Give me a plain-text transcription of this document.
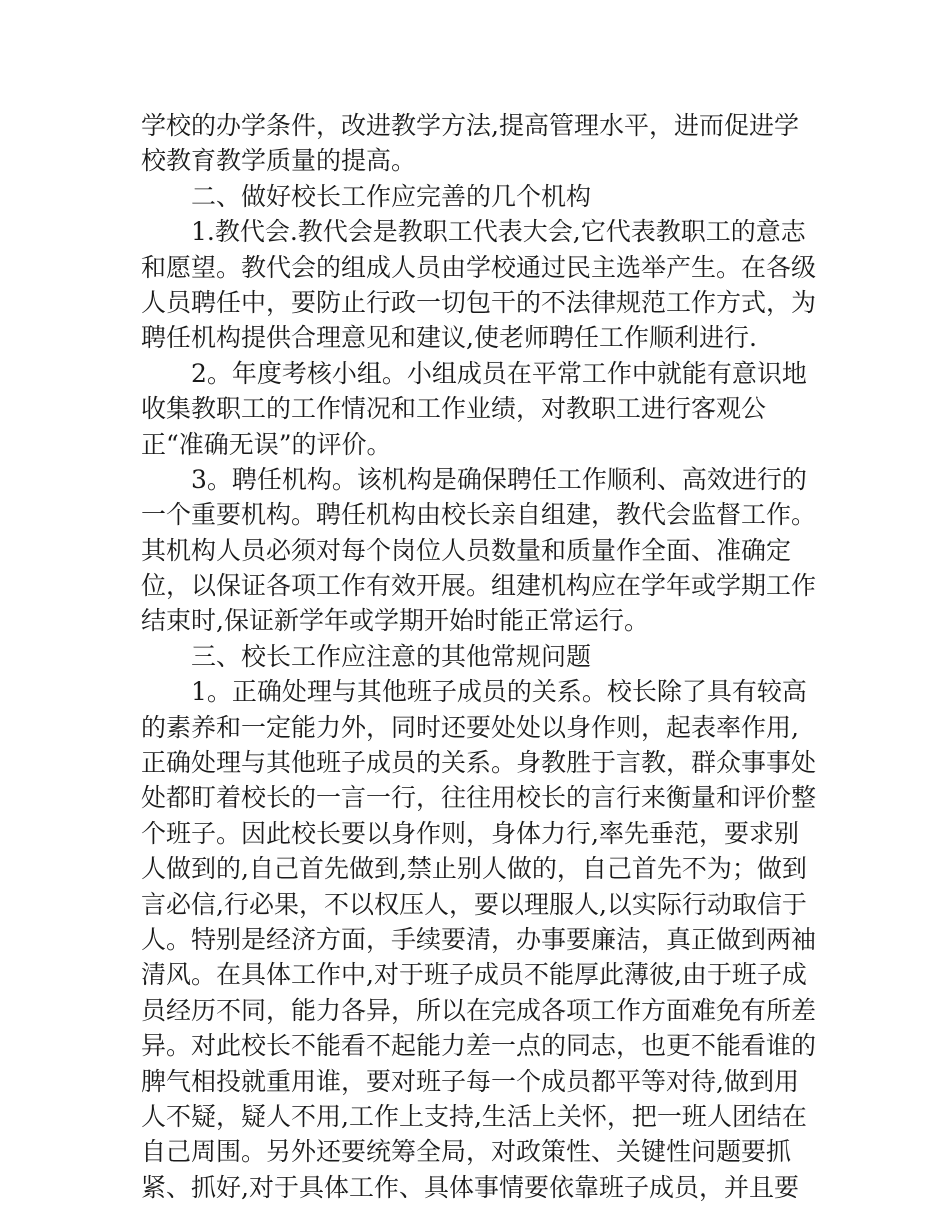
学校的办学条件，改进教学方法,提高管理水平，进而促进学
校教育教学质量的提高。
二、做好校长工作应完善的几个机构
1.教代会.教代会是教职工代表大会,它代表教职工的意志
和愿望。教代会的组成人员由学校通过民主选举产生。在各级
人员聘任中，要防止行政一切包干的不法律规范工作方式，为
聘任机构提供合理意见和建议,使老师聘任工作顺利进行.
2。年度考核小组。小组成员在平常工作中就能有意识地
收集教职工的工作情况和工作业绩，对教职工进行客观公
正“准确无误”的评价。
3。聘任机构。该机构是确保聘任工作顺利、高效进行的
一个重要机构。聘任机构由校长亲自组建，教代会监督工作。
其机构人员必须对每个岗位人员数量和质量作全面、准确定
位，以保证各项工作有效开展。组建机构应在学年或学期工作
结束时,保证新学年或学期开始时能正常运行。
三、校长工作应注意的其他常规问题
1。正确处理与其他班子成员的关系。校长除了具有较高
的素养和一定能力外，同时还要处处以身作则，起表率作用,
正确处理与其他班子成员的关系。身教胜于言教，群众事事处
处都盯着校长的一言一行，往往用校长的言行来衡量和评价整
个班子。因此校长要以身作则，身体力行,率先垂范，要求别
人做到的,自己首先做到,禁止别人做的，自己首先不为；做到
言必信,行必果，不以权压人，要以理服人,以实际行动取信于
人。特别是经济方面，手续要清，办事要廉洁，真正做到两袖
清风。在具体工作中,对于班子成员不能厚此薄彼,由于班子成
员经历不同，能力各异，所以在完成各项工作方面难免有所差
异。对此校长不能看不起能力差一点的同志，也更不能看谁的
脾气相投就重用谁，要对班子每一个成员都平等对待,做到用
人不疑，疑人不用,工作上支持,生活上关怀，把一班人团结在
自己周围。另外还要统筹全局，对政策性、关键性问题要抓
紧、抓好,对于具体工作、具体事情要依靠班子成员，并且要
